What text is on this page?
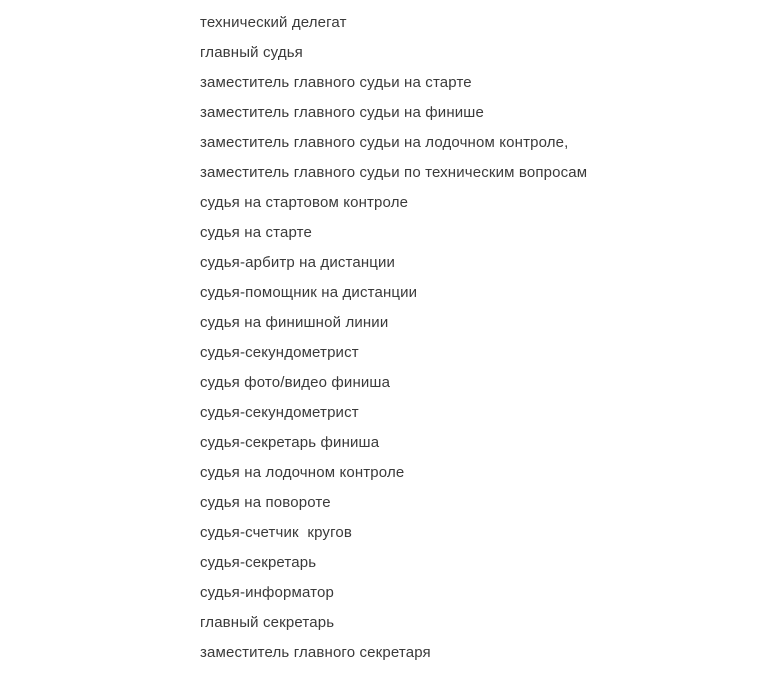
технический делегат
главный судья
заместитель главного судьи на старте
заместитель главного судьи на финише
заместитель главного судьи на лодочном контроле,
заместитель главного судьи по техническим вопросам
судья на стартовом контроле
судья на старте
судья-арбитр на дистанции
судья-помощник на дистанции
судья на финишной линии
судья-секундометрист
судья фото/видео финиша
судья-секундометрист
судья-секретарь финиша
судья на лодочном контроле
судья на повороте
судья-счетчик  кругов
судья-секретарь
судья-информатор
главный секретарь
заместитель главного секретаря
